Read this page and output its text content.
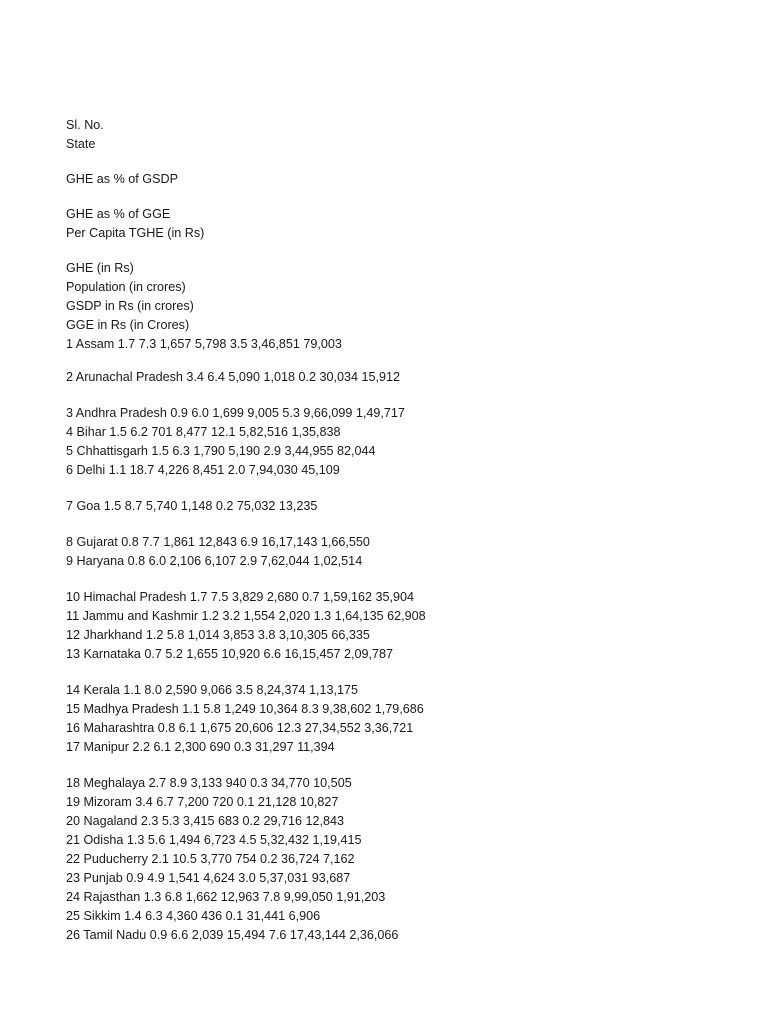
Sl. No.
State
GHE as % of GSDP
GHE as % of GGE
Per Capita TGHE (in Rs)
GHE (in Rs)
Population (in crores)
GSDP in Rs (in crores)
GGE in Rs (in Crores)
1 Assam 1.7 7.3 1,657 5,798 3.5 3,46,851 79,003
2 Arunachal Pradesh 3.4 6.4 5,090 1,018 0.2 30,034 15,912
3 Andhra Pradesh 0.9 6.0 1,699 9,005 5.3 9,66,099 1,49,717
4 Bihar 1.5 6.2 701 8,477 12.1 5,82,516 1,35,838
5 Chhattisgarh 1.5 6.3 1,790 5,190 2.9 3,44,955 82,044
6 Delhi 1.1 18.7 4,226 8,451 2.0 7,94,030 45,109
7 Goa 1.5 8.7 5,740 1,148 0.2 75,032 13,235
8 Gujarat 0.8 7.7 1,861 12,843 6.9 16,17,143 1,66,550
9 Haryana 0.8 6.0 2,106 6,107 2.9 7,62,044 1,02,514
10 Himachal Pradesh 1.7 7.5 3,829 2,680 0.7 1,59,162 35,904
11 Jammu and Kashmir 1.2 3.2 1,554 2,020 1.3 1,64,135 62,908
12 Jharkhand 1.2 5.8 1,014 3,853 3.8 3,10,305 66,335
13 Karnataka 0.7 5.2 1,655 10,920 6.6 16,15,457 2,09,787
14 Kerala 1.1 8.0 2,590 9,066 3.5 8,24,374 1,13,175
15 Madhya Pradesh 1.1 5.8 1,249 10,364 8.3 9,38,602 1,79,686
16 Maharashtra 0.8 6.1 1,675 20,606 12.3 27,34,552 3,36,721
17 Manipur 2.2 6.1 2,300 690 0.3 31,297 11,394
18 Meghalaya 2.7 8.9 3,133 940 0.3 34,770 10,505
19 Mizoram 3.4 6.7 7,200 720 0.1 21,128 10,827
20 Nagaland 2.3 5.3 3,415 683 0.2 29,716 12,843
21 Odisha 1.3 5.6 1,494 6,723 4.5 5,32,432 1,19,415
22 Puducherry 2.1 10.5 3,770 754 0.2 36,724 7,162
23 Punjab 0.9 4.9 1,541 4,624 3.0 5,37,031 93,687
24 Rajasthan 1.3 6.8 1,662 12,963 7.8 9,99,050 1,91,203
25 Sikkim 1.4 6.3 4,360 436 0.1 31,441 6,906
26 Tamil Nadu 0.9 6.6 2,039 15,494 7.6 17,43,144 2,36,066
